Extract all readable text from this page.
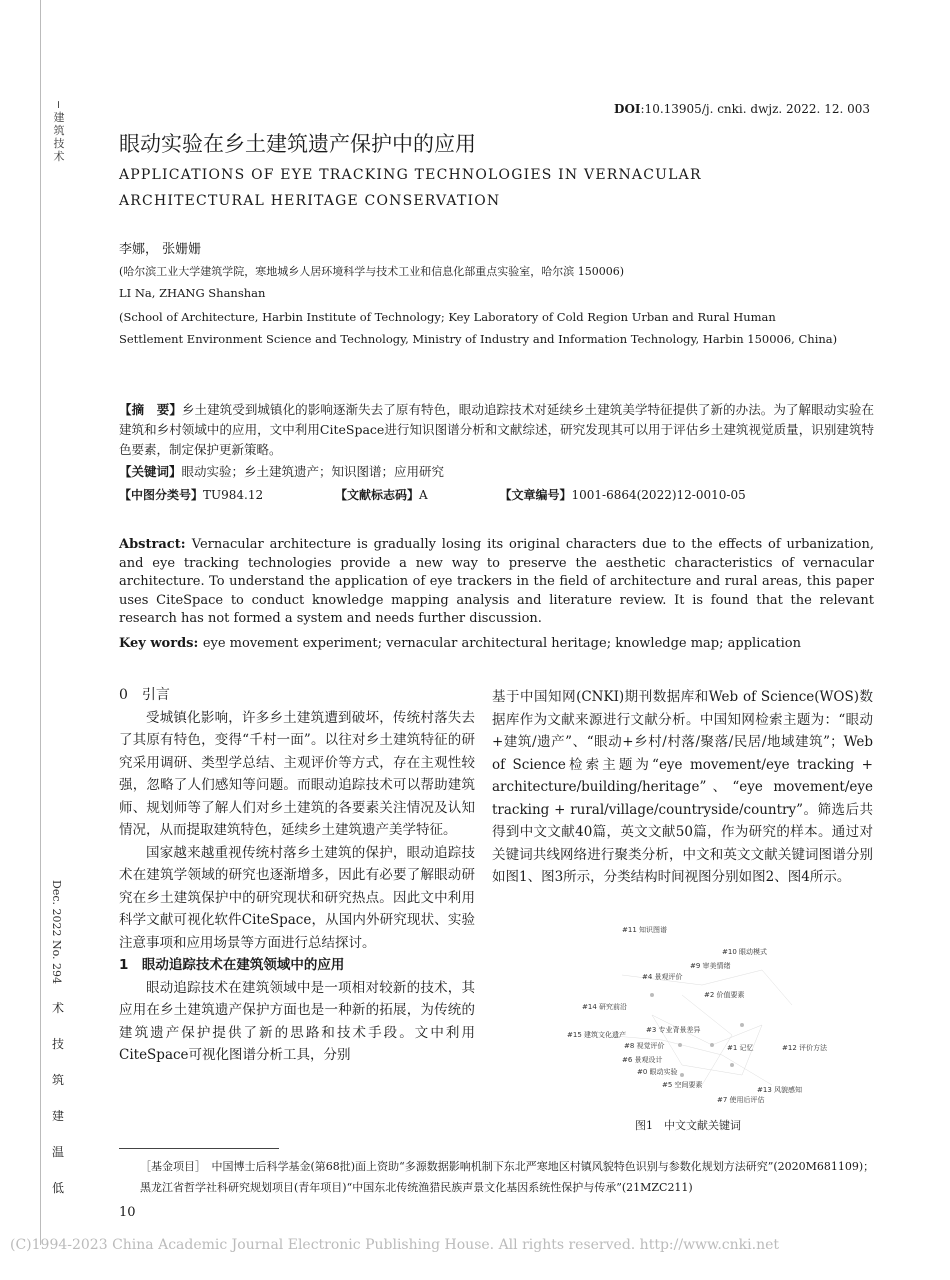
−建筑技术
Dec. 2022 No. 294
术
技
筑
建
温
低
DOI:10.13905/j. cnki. dwjz. 2022. 12. 003
眼动实验在乡土建筑遗产保护中的应用
APPLICATIONS OF EYE TRACKING TECHNOLOGIES IN VERNACULAR ARCHITECTURAL HERITAGE CONSERVATION
李娜， 张姗姗
(哈尔滨工业大学建筑学院，寒地城乡人居环境科学与技术工业和信息化部重点实验室，哈尔滨 150006)
LI Na, ZHANG Shanshan
(School of Architecture, Harbin Institute of Technology; Key Laboratory of Cold Region Urban and Rural Human Settlement Environment Science and Technology, Ministry of Industry and Information Technology, Harbin 150006, China)
【摘　要】乡土建筑受到城镇化的影响逐渐失去了原有特色，眼动追踪技术对延续乡土建筑美学特征提供了新的办法。为了解眼动实验在建筑和乡村领域中的应用，文中利用CiteSpace进行知识图谱分析和文献综述，研究发现其可以用于评估乡土建筑视觉质量，识别建筑特色要素，制定保护更新策略。
【关键词】眼动实验；乡土建筑遗产；知识图谱；应用研究
【中图分类号】TU984.12	【文献标志码】A	【文章编号】1001-6864(2022)12-0010-05
Abstract: Vernacular architecture is gradually losing its original characters due to the effects of urbanization, and eye tracking technologies provide a new way to preserve the aesthetic characteristics of vernacular architecture. To understand the application of eye trackers in the field of architecture and rural areas, this paper uses CiteSpace to conduct knowledge mapping analysis and literature review. It is found that the relevant research has not formed a system and needs further discussion.
Key words: eye movement experiment; vernacular architectural heritage; knowledge map; application

0　引言

受城镇化影响，许多乡土建筑遭到破坏，传统村落失去了其原有特色，变得“千村一面”。以往对乡土建筑特征的研究采用调研、类型学总结、主观评价等方式，存在主观性较强，忽略了人们感知等问题。而眼动追踪技术可以帮助建筑师、规划师等了解人们对乡土建筑的各要素关注情况及认知情况，从而提取建筑特色，延续乡土建筑遗产美学特征。

国家越来越重视传统村落乡土建筑的保护，眼动追踪技术在建筑学领域的研究也逐渐增多，因此有必要了解眼动研究在乡土建筑保护中的研究现状和研究热点。因此文中利用科学文献可视化软件CiteSpace，从国内外研究现状、实验注意事项和应用场景等方面进行总结探讨。

1　眼动追踪技术在建筑领域中的应用

眼动追踪技术在建筑领域中是一项相对较新的技术，其应用在乡土建筑遗产保护方面也是一种新的拓展，为传统的建筑遗产保护提供了新的思路和技术手段。文中利用CiteSpace可视化图谱分析工具，分别

基于中国知网(CNKI)期刊数据库和Web of Science(WOS)数据库作为文献来源进行文献分析。中国知网检索主题为：“眼动+建筑/遗产”、“眼动+乡村/村落/聚落/民居/地域建筑”；Web of Science检索主题为“eye movement/eye tracking + architecture/building/heritage”、“eye movement/eye tracking + rural/village/countryside/country”。筛选后共得到中文文献40篇，英文文献50篇，作为研究的样本。通过对关键词共线网络进行聚类分析，中文和英文文献关键词图谱分别如图1、图3所示，分类结构时间视图分别如图2、图4所示。

#11 知识图谱
#10 眼动模式
#9 审美情绪
#4 景观评价
#2 价值要素
#14 研究前沿
#3 专业背景差异
#15 建筑文化遗产
#8 视觉评价	#1 记忆	#12 评价方法
#6 景观设计
#0 眼动实验
#5 空间要素
#13 风貌感知
#7 使用后评估
图1　中文文献关键词
［基金项目］　 中国博士后科学基金(第68批)面上资助“多源数据影响机制下东北严寒地区村镇风貌特色识别与参数化规划方法研究”(2020M681109)；黑龙江省哲学社科研究规划项目(青年项目)“中国东北传统渔猎民族声景文化基因系统性保护与传承”(21MZC211)
10
(C)1994-2023 China Academic Journal Electronic Publishing House. All rights reserved. http://www.cnki.net
